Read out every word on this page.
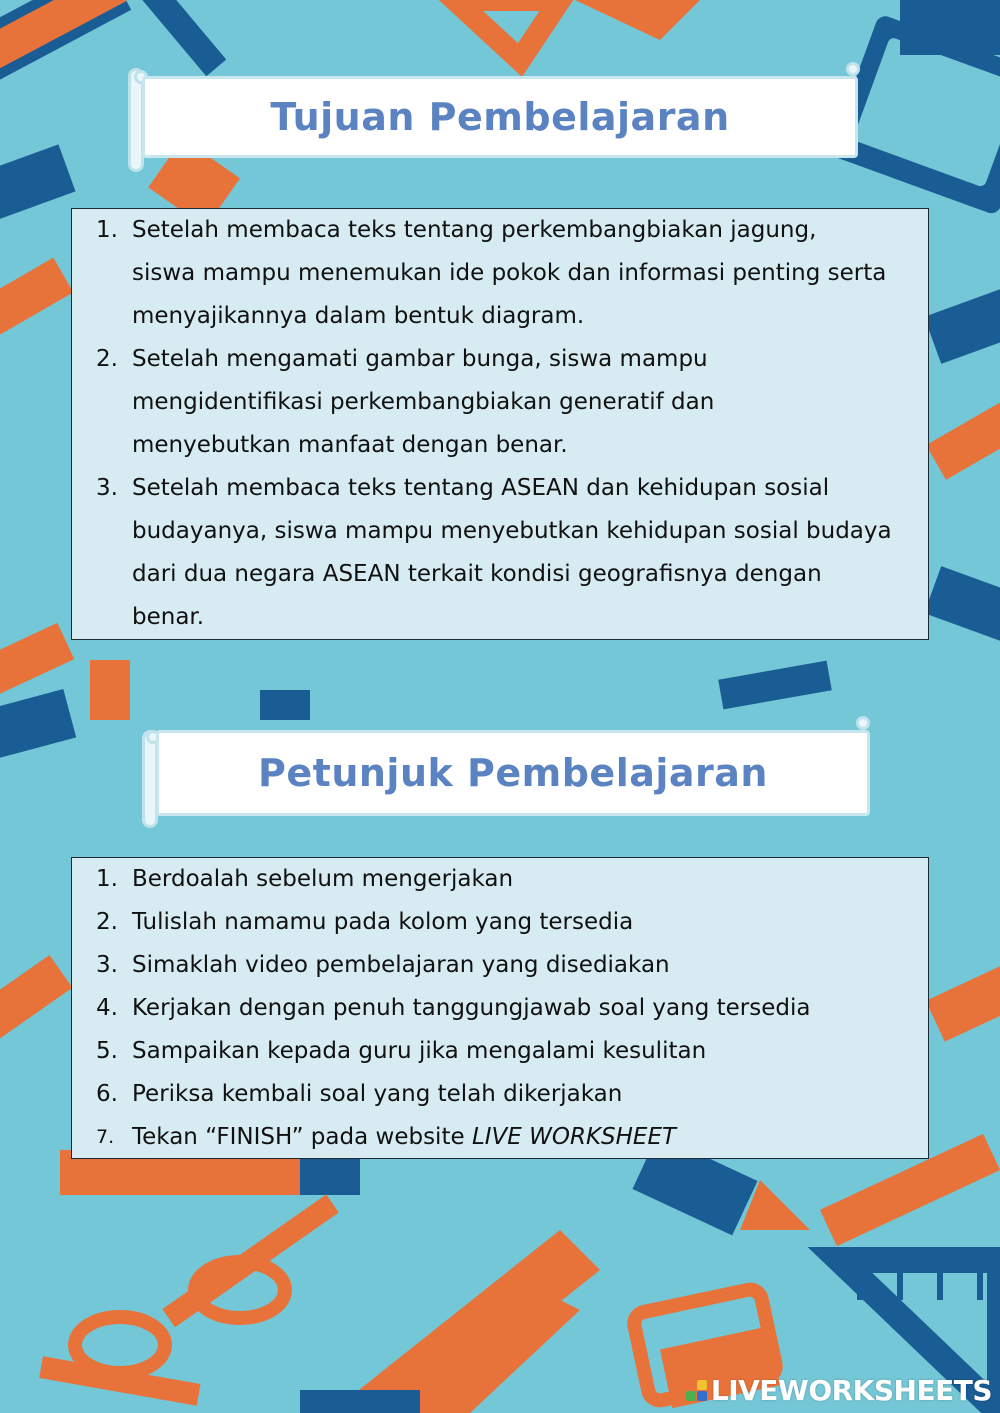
Tujuan Pembelajaran
1. Setelah membaca teks tentang perkembangbiakan jagung,
siswa mampu menemukan ide pokok dan informasi penting serta
menyajikannya dalam bentuk diagram.
2. Setelah mengamati gambar bunga, siswa mampu
mengidentifikasi perkembangbiakan generatif dan
menyebutkan manfaat dengan benar.
3. Setelah membaca teks tentang ASEAN dan kehidupan sosial
budayanya, siswa mampu menyebutkan kehidupan sosial budaya
dari dua negara ASEAN terkait kondisi geografisnya dengan
benar.
Petunjuk Pembelajaran
1. Berdoalah sebelum mengerjakan
2. Tulislah namamu pada kolom yang tersedia
3. Simaklah video pembelajaran yang disediakan
4. Kerjakan dengan penuh tanggungjawab soal yang tersedia
5. Sampaikan kepada guru jika mengalami kesulitan
6. Periksa kembali soal yang telah dikerjakan
7. Tekan “FINISH” pada website LIVE WORKSHEET
LIVEWORKSHEETS
